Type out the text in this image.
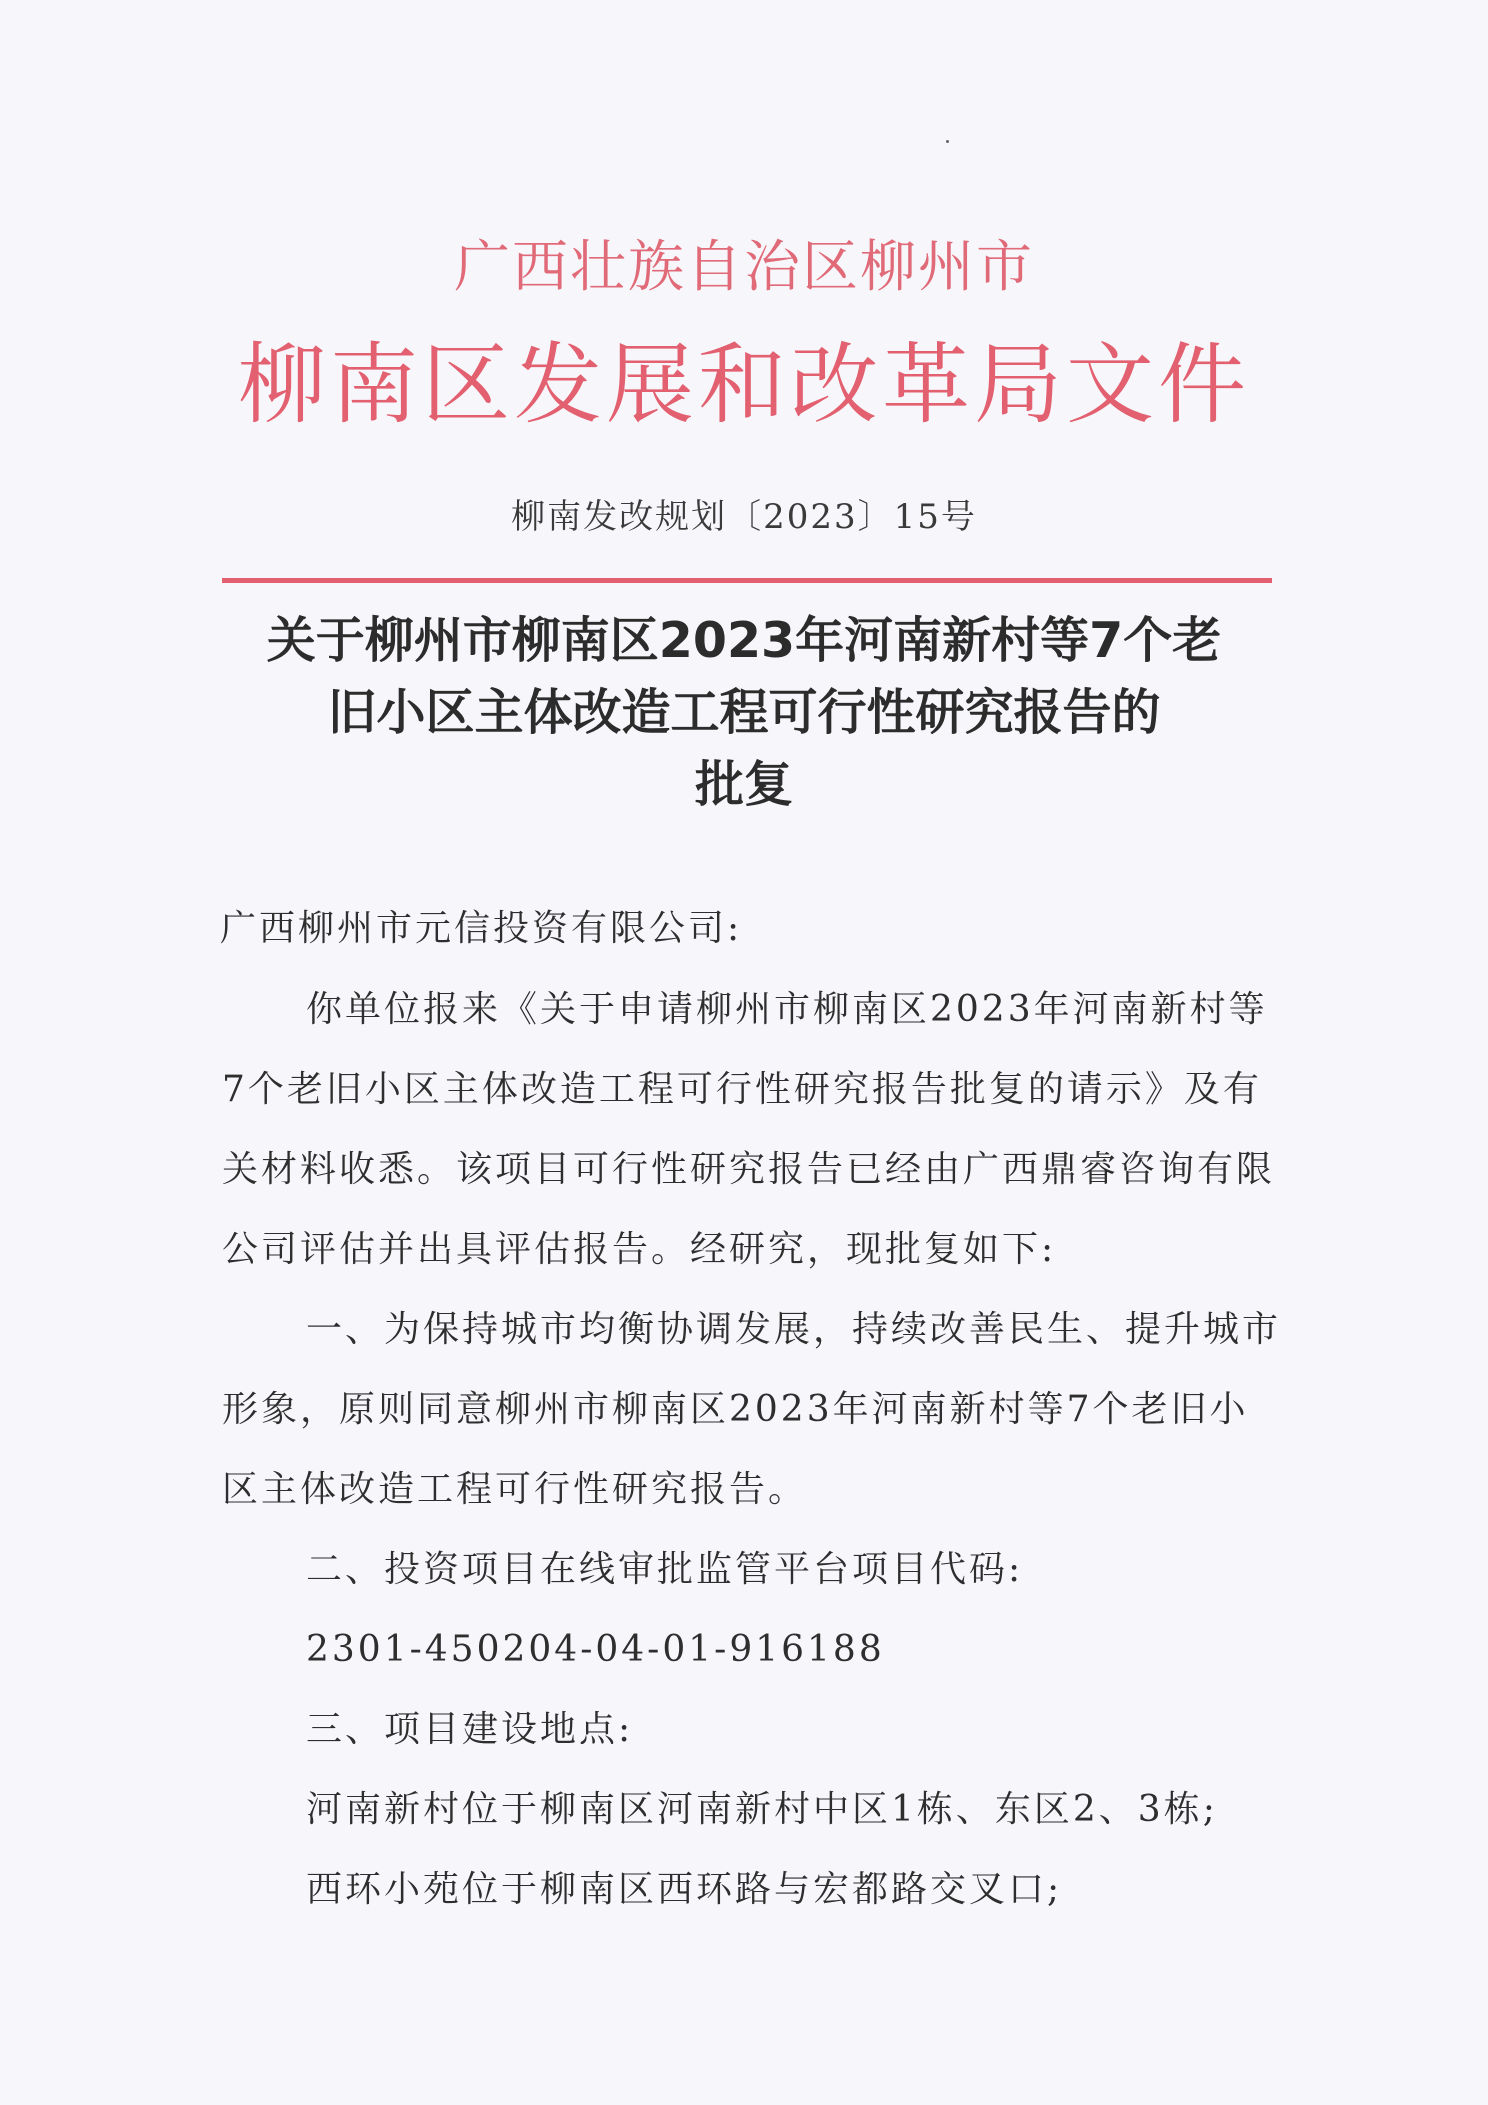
广西壮族自治区柳州市
柳南区发展和改革局文件
柳南发改规划〔2023〕15号
关于柳州市柳南区2023年河南新村等7个老
旧小区主体改造工程可行性研究报告的
批复
广西柳州市元信投资有限公司:
你单位报来《关于申请柳州市柳南区2023年河南新村等
7个老旧小区主体改造工程可行性研究报告批复的请示》及有
关材料收悉。该项目可行性研究报告已经由广西鼎睿咨询有限
公司评估并出具评估报告。经研究，现批复如下:
一、为保持城市均衡协调发展，持续改善民生、提升城市
形象，原则同意柳州市柳南区2023年河南新村等7个老旧小
区主体改造工程可行性研究报告。
二、投资项目在线审批监管平台项目代码:
2301-450204-04-01-916188
三、项目建设地点:
河南新村位于柳南区河南新村中区1栋、东区2、3栋;
西环小苑位于柳南区西环路与宏都路交叉口;
